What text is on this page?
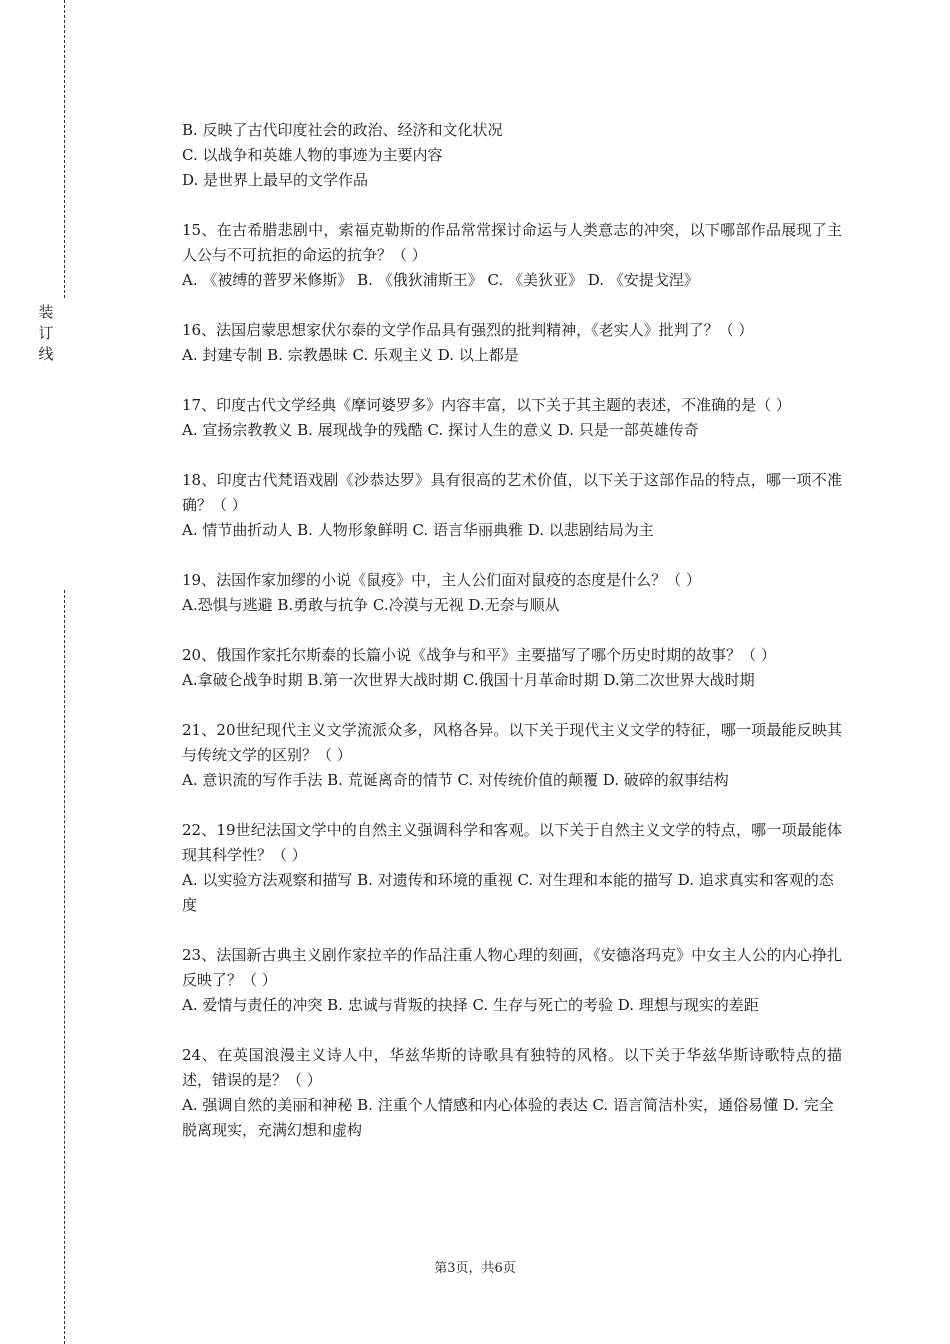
装
订
线
B. 反映了古代印度社会的政治、经济和文化状况
C. 以战争和英雄人物的事迹为主要内容
D. 是世界上最早的文学作品
15、在古希腊悲剧中，索福克勒斯的作品常常探讨命运与人类意志的冲突，以下哪部作品展现了主人公与不可抗拒的命运的抗争？（ ）
A. 《被缚的普罗米修斯》 B. 《俄狄浦斯王》 C. 《美狄亚》 D. 《安提戈涅》
16、法国启蒙思想家伏尔泰的文学作品具有强烈的批判精神，《老实人》批判了？（ ）
A. 封建专制 B. 宗教愚昧 C. 乐观主义 D. 以上都是
17、印度古代文学经典《摩诃婆罗多》内容丰富，以下关于其主题的表述，不准确的是（ ）
A. 宣扬宗教教义 B. 展现战争的残酷 C. 探讨人生的意义 D. 只是一部英雄传奇
18、印度古代梵语戏剧《沙恭达罗》具有很高的艺术价值，以下关于这部作品的特点，哪一项不准确？（ ）
A. 情节曲折动人 B. 人物形象鲜明 C. 语言华丽典雅 D. 以悲剧结局为主
19、法国作家加缪的小说《鼠疫》中，主人公们面对鼠疫的态度是什么？（ ）
A.恐惧与逃避 B.勇敢与抗争 C.冷漠与无视 D.无奈与顺从
20、俄国作家托尔斯泰的长篇小说《战争与和平》主要描写了哪个历史时期的故事？（ ）
A.拿破仑战争时期 B.第一次世界大战时期 C.俄国十月革命时期 D.第二次世界大战时期
21、20世纪现代主义文学流派众多，风格各异。以下关于现代主义文学的特征，哪一项最能反映其与传统文学的区别？（ ）
A. 意识流的写作手法 B. 荒诞离奇的情节 C. 对传统价值的颠覆 D. 破碎的叙事结构
22、19世纪法国文学中的自然主义强调科学和客观。以下关于自然主义文学的特点，哪一项最能体现其科学性？（ ）
A. 以实验方法观察和描写 B. 对遗传和环境的重视 C. 对生理和本能的描写 D. 追求真实和客观的态度
23、法国新古典主义剧作家拉辛的作品注重人物心理的刻画，《安德洛玛克》中女主人公的内心挣扎反映了？（ ）
A. 爱情与责任的冲突 B. 忠诚与背叛的抉择 C. 生存与死亡的考验 D. 理想与现实的差距
24、在英国浪漫主义诗人中，华兹华斯的诗歌具有独特的风格。以下关于华兹华斯诗歌特点的描述，错误的是？（ ）
A. 强调自然的美丽和神秘 B. 注重个人情感和内心体验的表达 C. 语言简洁朴实，通俗易懂 D. 完全脱离现实，充满幻想和虚构
第3页，共6页
